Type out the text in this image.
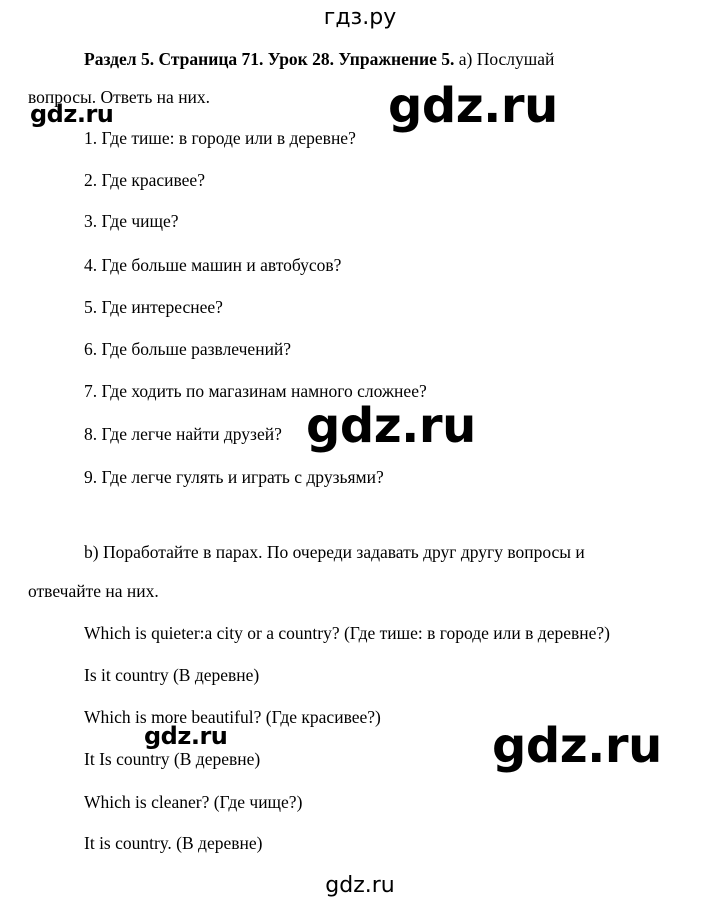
гдз.ру
Раздел 5. Страница 71. Урок 28. Упражнение 5. a) Послушай
вопросы. Ответь на них.
1. Где тише: в городе или в деревне?
2. Где красивее?
3. Где чище?
4. Где больше машин и автобусов?
5. Где интереснее?
6. Где больше развлечений?
7. Где ходить по магазинам намного сложнее?
8. Где легче найти друзей?
9. Где легче гулять и играть с друзьями?
b) Поработайте в парах. По очереди задавать друг другу вопросы и
отвечайте на них.
Which is quieter:a city or a country? (Где тише: в городе или в деревне?)
Is it country (В деревне)
Which is more beautiful? (Где красивее?)
It Is country (В деревне)
Which is cleaner? (Где чище?)
It is country. (В деревне)
gdz.ru
gdz.ru
gdz.ru
gdz.ru	gdz.ru
gdz.ru
